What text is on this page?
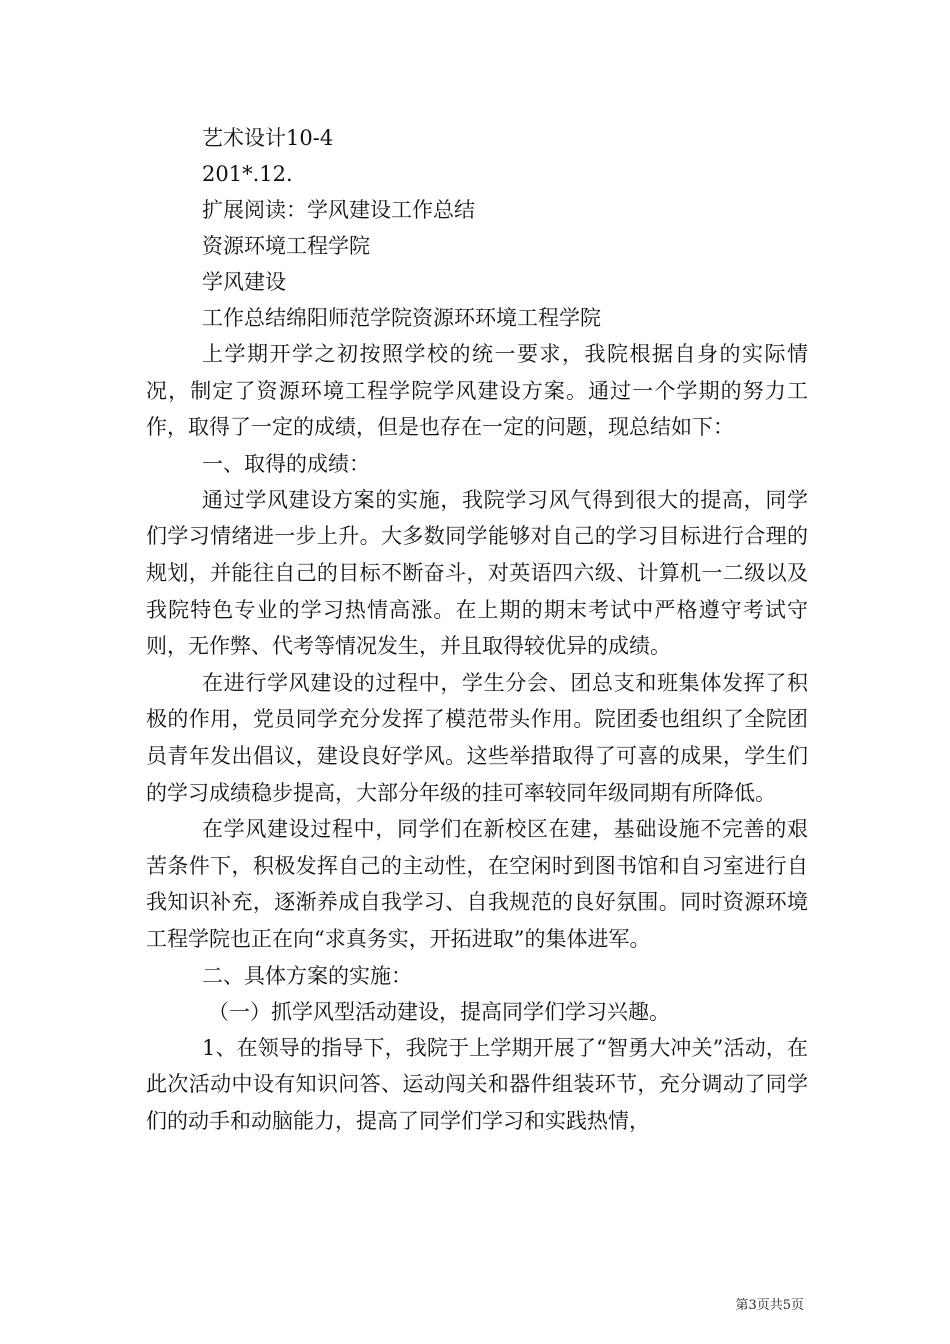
艺术设计10-4

201*.12.

扩展阅读：学风建设工作总结

资源环境工程学院

学风建设

工作总结绵阳师范学院资源环环境工程学院

上学期开学之初按照学校的统一要求，我院根据自身的实际情况，制定了资源环境工程学院学风建设方案。通过一个学期的努力工作，取得了一定的成绩，但是也存在一定的问题，现总结如下：

一、取得的成绩：

通过学风建设方案的实施，我院学习风气得到很大的提高，同学们学习情绪进一步上升。大多数同学能够对自己的学习目标进行合理的规划，并能往自己的目标不断奋斗，对英语四六级、计算机一二级以及我院特色专业的学习热情高涨。在上期的期末考试中严格遵守考试守则，无作弊、代考等情况发生，并且取得较优异的成绩。

在进行学风建设的过程中，学生分会、团总支和班集体发挥了积极的作用，党员同学充分发挥了模范带头作用。院团委也组织了全院团员青年发出倡议，建设良好学风。这些举措取得了可喜的成果，学生们的学习成绩稳步提高，大部分年级的挂可率较同年级同期有所降低。

在学风建设过程中，同学们在新校区在建，基础设施不完善的艰苦条件下，积极发挥自己的主动性，在空闲时到图书馆和自习室进行自我知识补充，逐渐养成自我学习、自我规范的良好氛围。同时资源环境工程学院也正在向“求真务实，开拓进取”的集体进军。

二、具体方案的实施：

（一）抓学风型活动建设，提高同学们学习兴趣。

1、在领导的指导下，我院于上学期开展了“智勇大冲关”活动，在此次活动中设有知识问答、运动闯关和器件组装环节，充分调动了同学们的动手和动脑能力，提高了同学们学习和实践热情，

第3页共5页
